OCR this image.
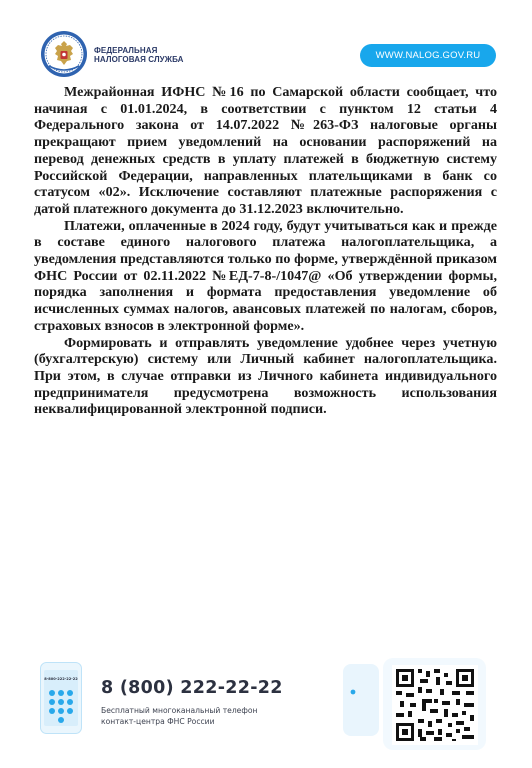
ФЕДЕРАЛЬНАЯ
НАЛОГОВАЯ СЛУЖБА	WWW.NALOG.GOV.RU

Межрайонная ИФНС №16 по Самарской области сообщает, что начиная с 01.01.2024, в соответствии с пунктом 12 статьи 4 Федерального закона от 14.07.2022 №263-ФЗ налоговые органы прекращают прием уведомлений на основании распоряжений на перевод денежных средств в уплату платежей в бюджетную систему Российской Федерации, направленных плательщиками в банк со статусом «02». Исключение составляют платежные распоряжения с датой платежного документа до 31.12.2023 включительно.

Платежи, оплаченные в 2024 году, будут учитываться как и прежде в составе единого налогового платежа налогоплательщика, а уведомления представляются только по форме, утверждённой приказом ФНС России от 02.11.2022 №ЕД-7-8-/1047@ «Об утверждении формы, порядка заполнения и формата предоставления уведомление об исчисленных суммах налогов, авансовых платежей по налогам, сборов, страховых взносов в электронной форме».

Формировать и отправлять уведомление удобнее через учетную (бухгалтерскую) систему или Личный кабинет налогоплательщика. При этом, в случае отправки из Личного кабинета индивидуального предпринимателя предусмотрена возможность использования неквалифицированной электронной подписи.

8-800-222-22-22 8 (800) 222-22-22
Бесплатный многоканальный телефон
контакт-центра ФНС России
